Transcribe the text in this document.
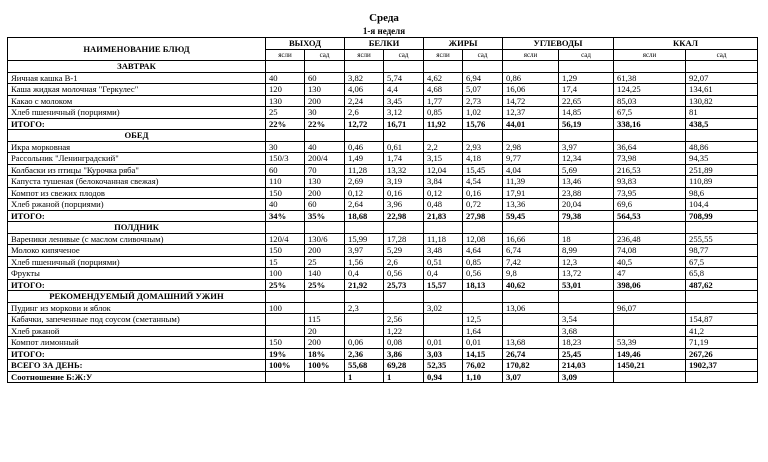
Среда
1-я неделя
НАИМЕНОВАНИЕ БЛЮД	ВЫХОД		БЕЛКИ		ЖИРЫ		УГЛЕВОДЫ		ККАЛ	
	ясли	сад	ясли	сад	ясли	сад	ясли	сад	ясли	сад
ЗАВТРАК										
Яичная кашка В-1	40	60	3,82	5,74	4,62	6,94	0,86	1,29	61,38	92,07
Каша жидкая молочная "Геркулес"	120	130	4,06	4,4	4,68	5,07	16,06	17,4	124,25	134,61
Какао с молоком	130	200	2,24	3,45	1,77	2,73	14,72	22,65	85,03	130,82
Хлеб пшеничный (порциями)	25	30	2,6	3,12	0,85	1,02	12,37	14,85	67,5	81
ИТОГО:	22%	22%	12,72	16,71	11,92	15,76	44,01	56,19	338,16	438,5
ОБЕД										
Икра морковная	30	40	0,46	0,61	2,2	2,93	2,98	3,97	36,64	48,86
Рассольник "Ленинградский"	150/3	200/4	1,49	1,74	3,15	4,18	9,77	12,34	73,98	94,35
Колбаски из птицы "Курочка ряба"	60	70	11,28	13,32	12,04	15,45	4,04	5,69	216,53	251,89
Капуста тушеная (белокочанная свежая)	110	130	2,69	3,19	3,84	4,54	11,39	13,46	93,83	110,89
Компот из свежих плодов	150	200	0,12	0,16	0,12	0,16	17,91	23,88	73,95	98,6
Хлеб ржаной (порциями)	40	60	2,64	3,96	0,48	0,72	13,36	20,04	69,6	104,4
ИТОГО:	34%	35%	18,68	22,98	21,83	27,98	59,45	79,38	564,53	708,99
ПОЛДНИК										
Вареники ленивые (с маслом сливочным)	120/4	130/6	15,99	17,28	11,18	12,08	16,66	18	236,48	255,55
Молоко кипяченое	150	200	3,97	5,29	3,48	4,64	6,74	8,99	74,08	98,77
Хлеб пшеничный (порциями)	15	25	1,56	2,6	0,51	0,85	7,42	12,3	40,5	67,5
Фрукты	100	140	0,4	0,56	0,4	0,56	9,8	13,72	47	65,8
ИТОГО:	25%	25%	21,92	25,73	15,57	18,13	40,62	53,01	398,06	487,62
РЕКОМЕНДУЕМЫЙ ДОМАШНИЙ УЖИН										
Пудинг из моркови и яблок	100		2,3		3,02		13,06		96,07	
Кабачки, запеченные под соусом (сметанным)		115		2,56		12,5		3,54		154,87
Хлеб ржаной		20		1,22		1,64		3,68		41,2
Компот лимонный	150	200	0,06	0,08	0,01	0,01	13,68	18,23	53,39	71,19
ИТОГО:	19%	18%	2,36	3,86	3,03	14,15	26,74	25,45	149,46	267,26
ВСЕГО ЗА ДЕНЬ:	100%	100%	55,68	69,28	52,35	76,02	170,82	214,03	1450,21	1902,37
Соотношение Б:Ж:У			1	1	0,94	1,10	3,07	3,09		
